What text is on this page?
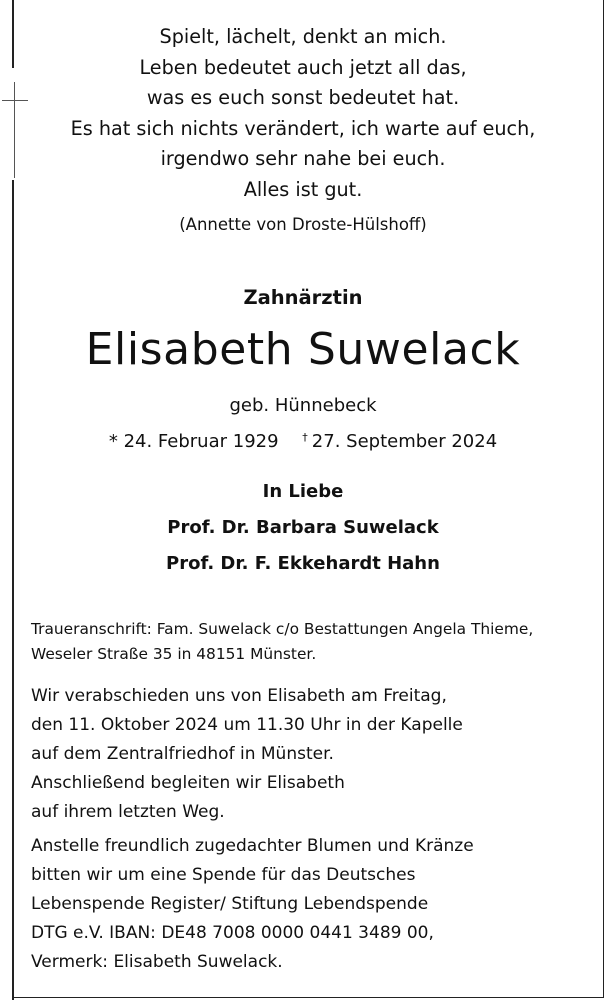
Spielt, lächelt, denkt an mich.
Leben bedeutet auch jetzt all das,
was es euch sonst bedeutet hat.
Es hat sich nichts verändert, ich warte auf euch,
irgendwo sehr nahe bei euch.
Alles ist gut.
(Annette von Droste-Hülshoff)
Zahnärztin
Elisabeth Suwelack
geb. Hünnebeck
* 24. Februar 1929 † 27. September 2024
In Liebe
Prof. Dr. Barbara Suwelack
Prof. Dr. F. Ekkehardt Hahn
Traueranschrift: Fam. Suwelack c/o Bestattungen Angela Thieme,
Weseler Straße 35 in 48151 Münster.
Wir verabschieden uns von Elisabeth am Freitag,
den 11. Oktober 2024 um 11.30 Uhr in der Kapelle
auf dem Zentralfriedhof in Münster.
Anschließend begleiten wir Elisabeth
auf ihrem letzten Weg.
Anstelle freundlich zugedachter Blumen und Kränze
bitten wir um eine Spende für das Deutsches
Lebenspende Register/ Stiftung Lebendspende
DTG e.V. IBAN: DE48 7008 0000 0441 3489 00,
Vermerk: Elisabeth Suwelack.
